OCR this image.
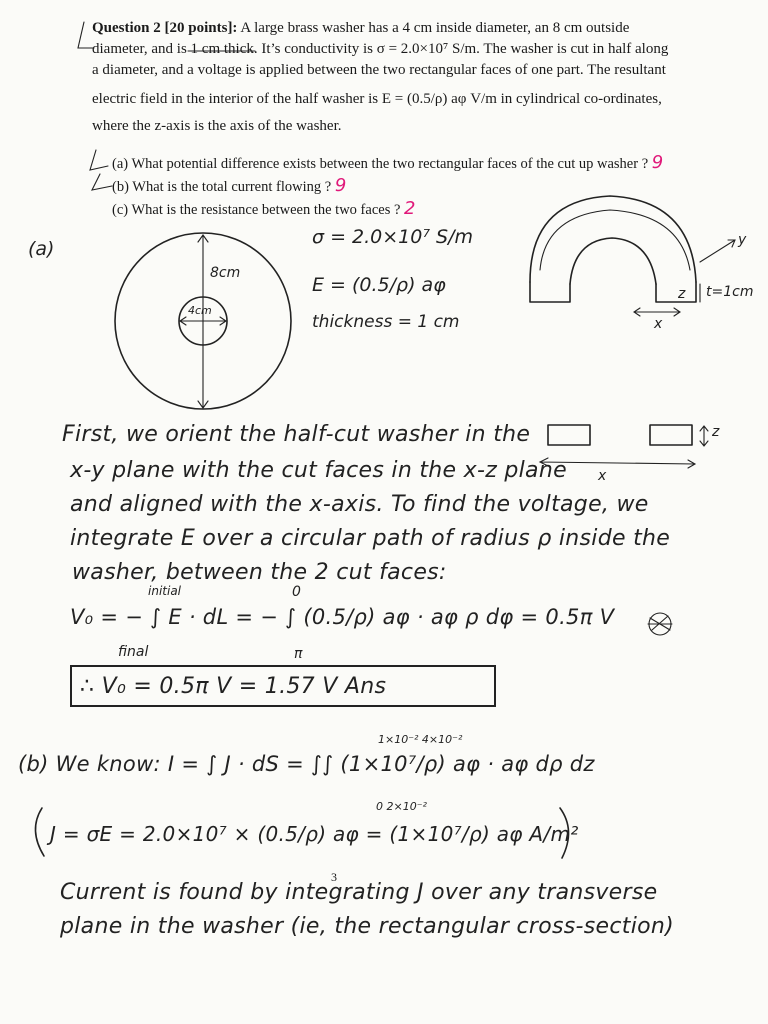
Question 2 [20 points]: A large brass washer has a 4 cm inside diameter, an 8 cm outside
diameter, and is 1 cm thick. It’s conductivity is σ = 2.0×10⁷ S/m. The washer is cut in half along
a diameter, and a voltage is applied between the two rectangular faces of one part. The resultant
electric field in the interior of the half washer is E = (0.5/ρ) aφ V/m in cylindrical co-ordinates,
where the z-axis is the axis of the washer.
(a) What potential difference exists between the two rectangular faces of the cut up washer ? 9
(b) What is the total current flowing ? 9
(c) What is the resistance between the two faces ? 2
(a)
8cm
4cm
σ = 2.0×10⁷ S/m
E = (0.5/ρ) aφ
thickness = 1 cm
y
t=1cm
z
x
z
x
First, we orient the half-cut washer in the
x-y plane with the cut faces in the x-z plane
and aligned with the x-axis. To find the voltage, we
integrate E over a circular path of radius ρ inside the
washer, between the 2 cut faces:
initial	0
V₀ = − ∫ E · dL = − ∫ (0.5/ρ) aφ · aφ ρ dφ = 0.5π V
final	π
∴ V₀ = 0.5π V = 1.57 V Ans
1×10⁻² 4×10⁻²
(b) We know: I = ∫ J · dS = ∫∫ (1×10⁷/ρ) aφ · aφ dρ dz
0 2×10⁻²
J = σE = 2.0×10⁷ × (0.5/ρ) aφ = (1×10⁷/ρ) aφ A/m²
3
Current is found by integrating J over any transverse
plane in the washer (ie, the rectangular cross-section)
